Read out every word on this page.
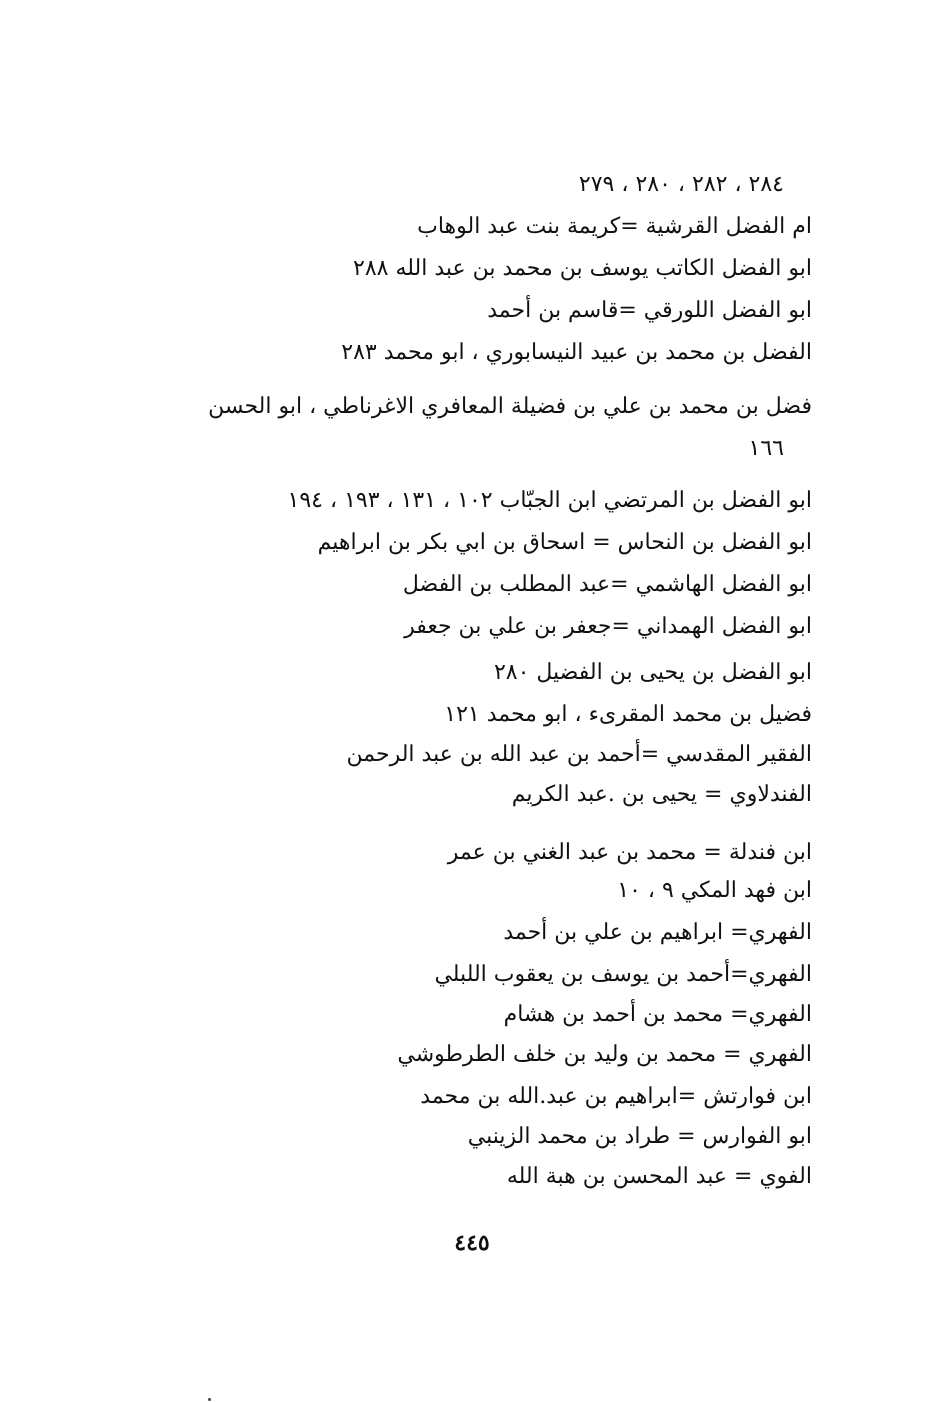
٢٨٤ ، ٢٨٢ ، ٢٨٠ ، ٢٧٩
ام الفضل القرشية =كريمة بنت عبد الوهاب
ابو الفضل الكاتب يوسف بن محمد بن عبد الله ٢٨٨
ابو الفضل اللورقي =قاسم بن أحمد
الفضل بن محمد بن عبيد النيسابوري ، ابو محمد ٢٨٣
فضل بن محمد بن علي بن فضيلة المعافري الاغرناطي ، ابو الحسن
١٦٦
ابو الفضل بن المرتضي ابن الجبّاب ١٠٢ ، ١٣١ ، ١٩٣ ، ١٩٤
ابو الفضل بن النحاس = اسحاق بن ابي بكر بن ابراهيم
ابو الفضل الهاشمي =عبد المطلب بن الفضل
ابو الفضل الهمداني =جعفر بن علي بن جعفر
ابو الفضل بن يحيى بن الفضيل ٢٨٠
فضيل بن محمد المقرىء ، ابو محمد ١٢١
الفقير المقدسي =أحمد بن عبد الله بن عبد الرحمن
الفندلاوي = يحيى بن .عبد الكريم
ابن فندلة = محمد بن عبد الغني بن عمر
ابن فهد المكي ٩ ، ١٠
الفهري= ابراهيم بن علي بن أحمد
الفهري=أحمد بن يوسف بن يعقوب اللبلي
الفهري= محمد بن أحمد بن هشام
الفهري = محمد بن وليد بن خلف الطرطوشي
ابن فوارتش =ابراهيم بن عبد.الله بن محمد
ابو الفوارس = طراد بن محمد الزينبي
الفوي = عبد المحسن بن هبة الله
٤٤٥
